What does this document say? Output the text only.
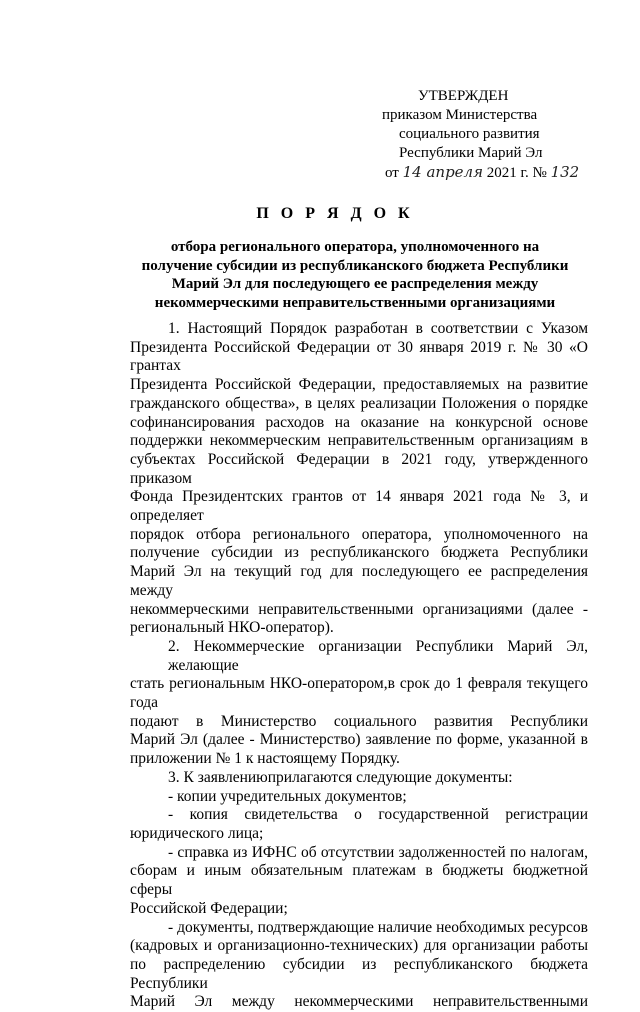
УТВЕРЖДЕН
приказом Министерства
социального развития
Республики Марий Эл
от 14 апреля 2021 г. № 132
П О Р Я Д О К
отбора регионального оператора, уполномоченного на
получение субсидии из республиканского бюджета Республики
Марий Эл для последующего ее распределения между
некоммерческими неправительственными организациями
1. Настоящий Порядок разработан в соответствии с Указом
Президента Российской Федерации от 30 января 2019 г. № 30 «О грантах
Президента Российской Федерации, предоставляемых на развитие
гражданского общества», в целях реализации Положения о порядке
софинансирования расходов на оказание на конкурсной основе
поддержки некоммерческим неправительственным организациям в
субъектах Российской Федерации в 2021 году, утвержденного приказом
Фонда Президентских грантов от 14 января 2021 года № 3, и определяет
порядок отбора регионального оператора, уполномоченного на
получение субсидии из республиканского бюджета Республики
Марий Эл на текущий год для последующего ее распределения между
некоммерческими неправительственными организациями (далее -
региональный НКО-оператор).
2. Некоммерческие организации Республики Марий Эл, желающие
стать региональным НКО-оператором,в срок до 1 февраля текущего года
подают в Министерство социального развития Республики
Марий Эл (далее - Министерство) заявление по форме, указанной в
приложении № 1 к настоящему Порядку.
3. К заявлениюприлагаются следующие документы:
- копии учредительных документов;
- копия свидетельства о государственной регистрации
юридического лица;
- справка из ИФНС об отсутствии задолженностей по налогам,
сборам и иным обязательным платежам в бюджеты бюджетной сферы
Российской Федерации;
- документы, подтверждающие наличие необходимых ресурсов
(кадровых и организационно-технических) для организации работы
по распределению субсидии из республиканского бюджета Республики
Марий Эл между некоммерческими неправительственными
